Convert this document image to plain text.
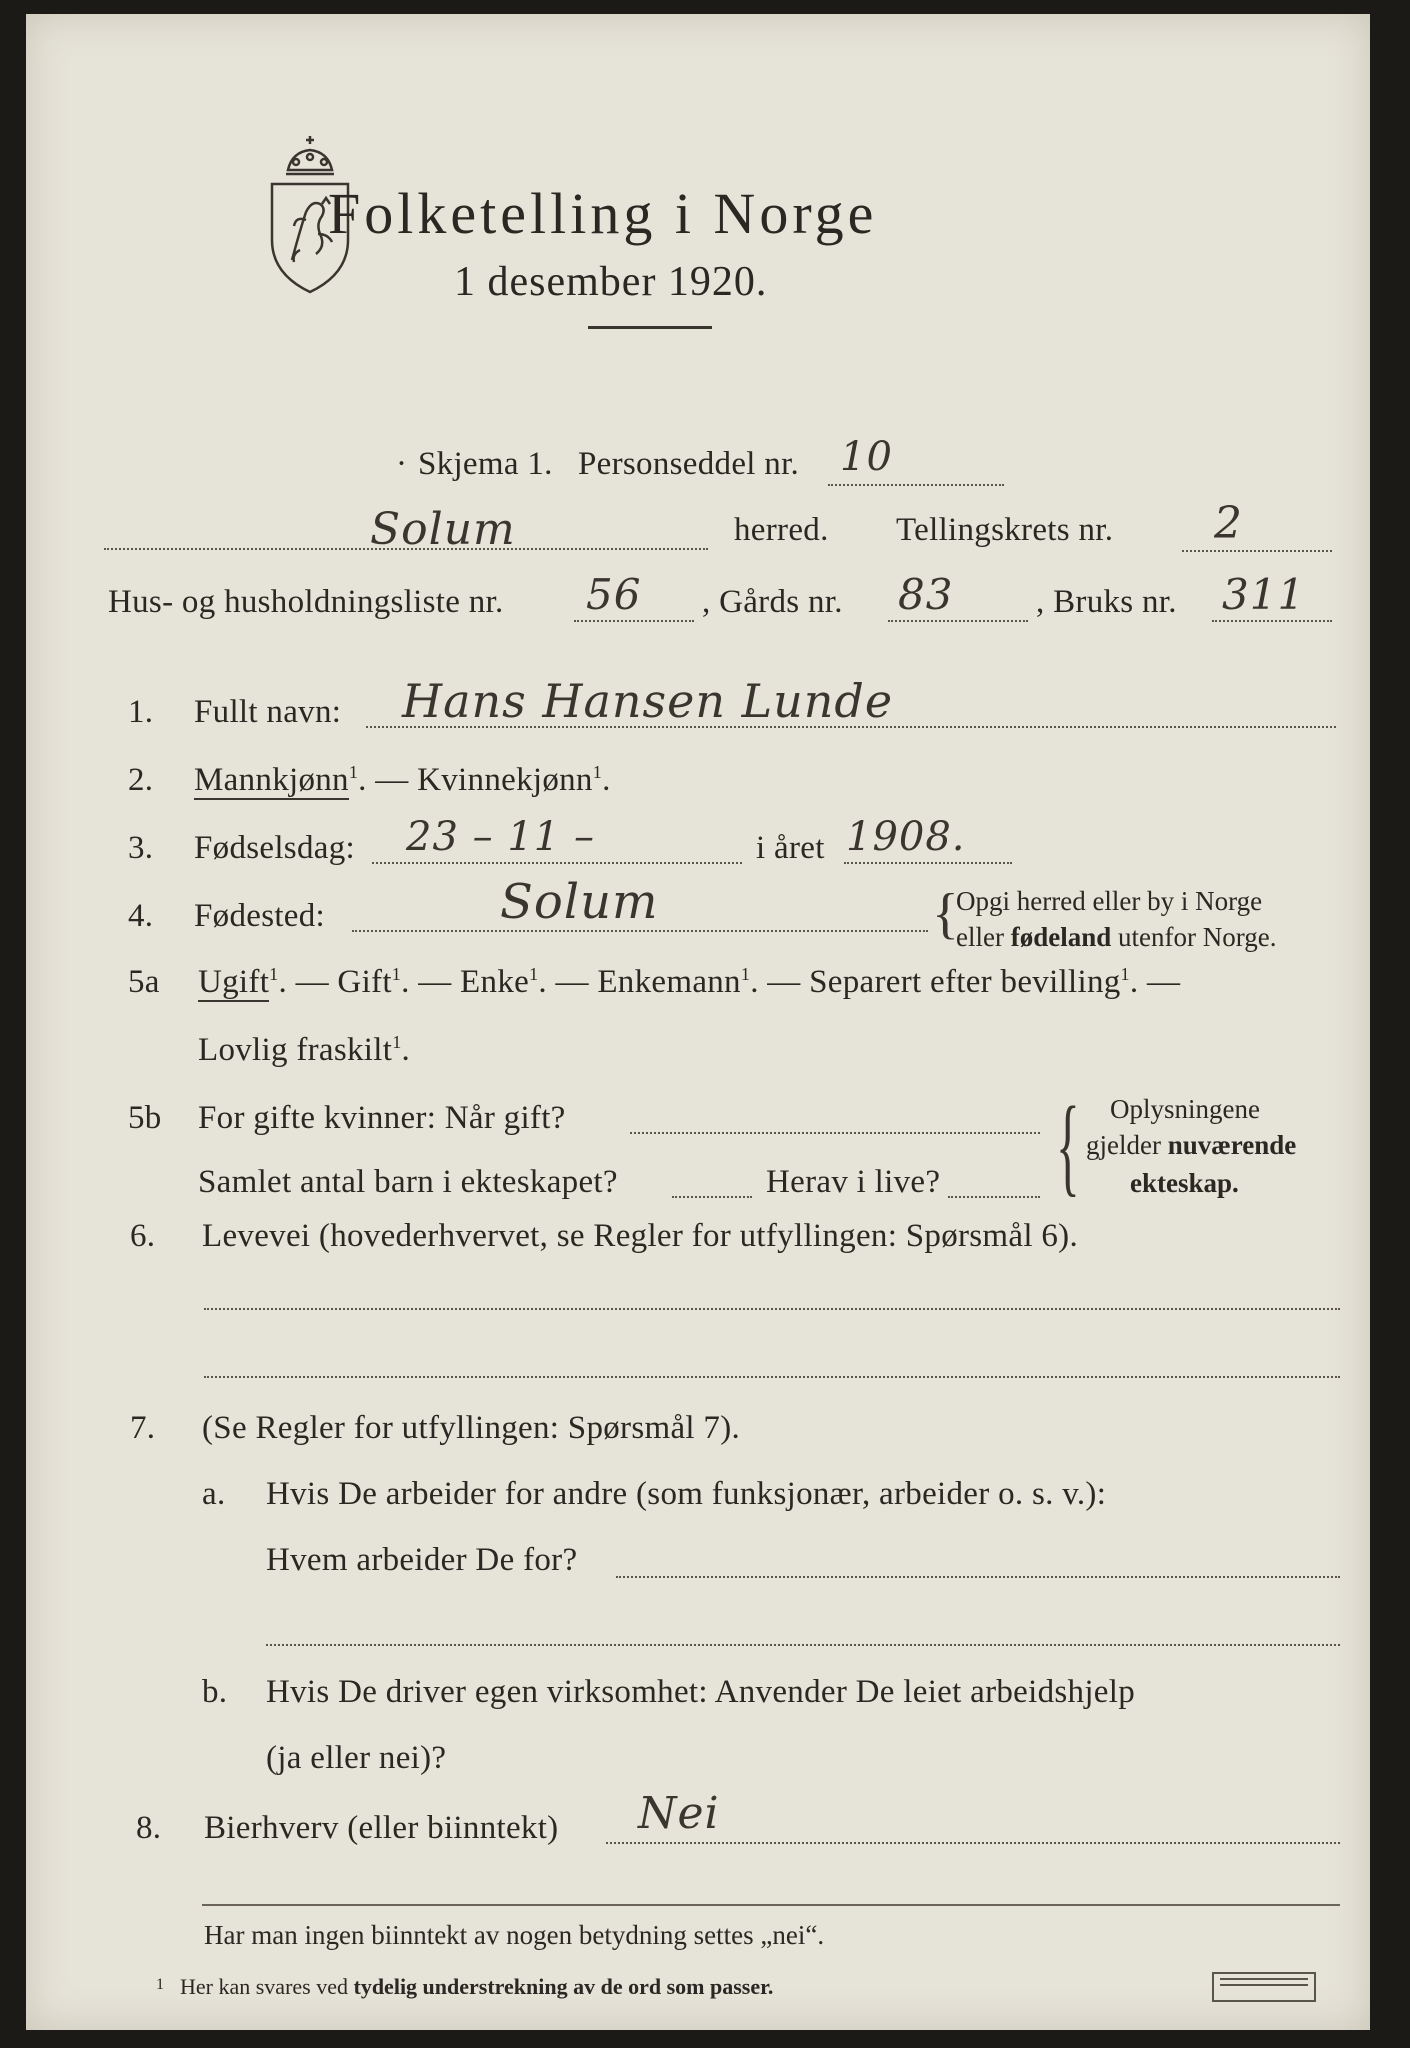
Folketelling i Norge
1 desember 1920.
· Skjema 1. Personseddel nr. 10
Solum	herred. Tellingskrets nr. 2
Hus- og husholdningsliste nr. 56 , Gårds nr. 83	, Bruks nr. 311
1. Fullt navn: Hans Hansen Lunde
2. Mannkjønn$^1$. — Kvinnekjønn$^1$.
3. Fødselsdag: 23 – 11 –	i året 1908.
4. Fødested:	Solum	{
Opgi herred eller by i Norge
eller fødeland utenfor Norge.
5a Ugift$^1$. — Gift$^1$. — Enke$^1$. — Enkemann$^1$. — Separert efter bevilling$^1$. —
Lovlig fraskilt$^1$.
5b For gifte kvinner: Når gift?
Samlet antal barn i ekteskapet?	Herav i live? { Oplysningene
gjelder nuværende
ekteskap.
6. Levevei (hovederhvervet, se Regler for utfyllingen: Spørsmål 6).
7. (Se Regler for utfyllingen: Spørsmål 7).
a. Hvis De arbeider for andre (som funksjonær, arbeider o. s. v.):
Hvem arbeider De for?
b. Hvis De driver egen virksomhet: Anvender De leiet arbeidshjelp
(ja eller nei)?
8. Bierhverv (eller biinntekt) Nei
Har man ingen biinntekt av nogen betydning settes „nei“.
1 Her kan svares ved tydelig understrekning av de ord som passer.
